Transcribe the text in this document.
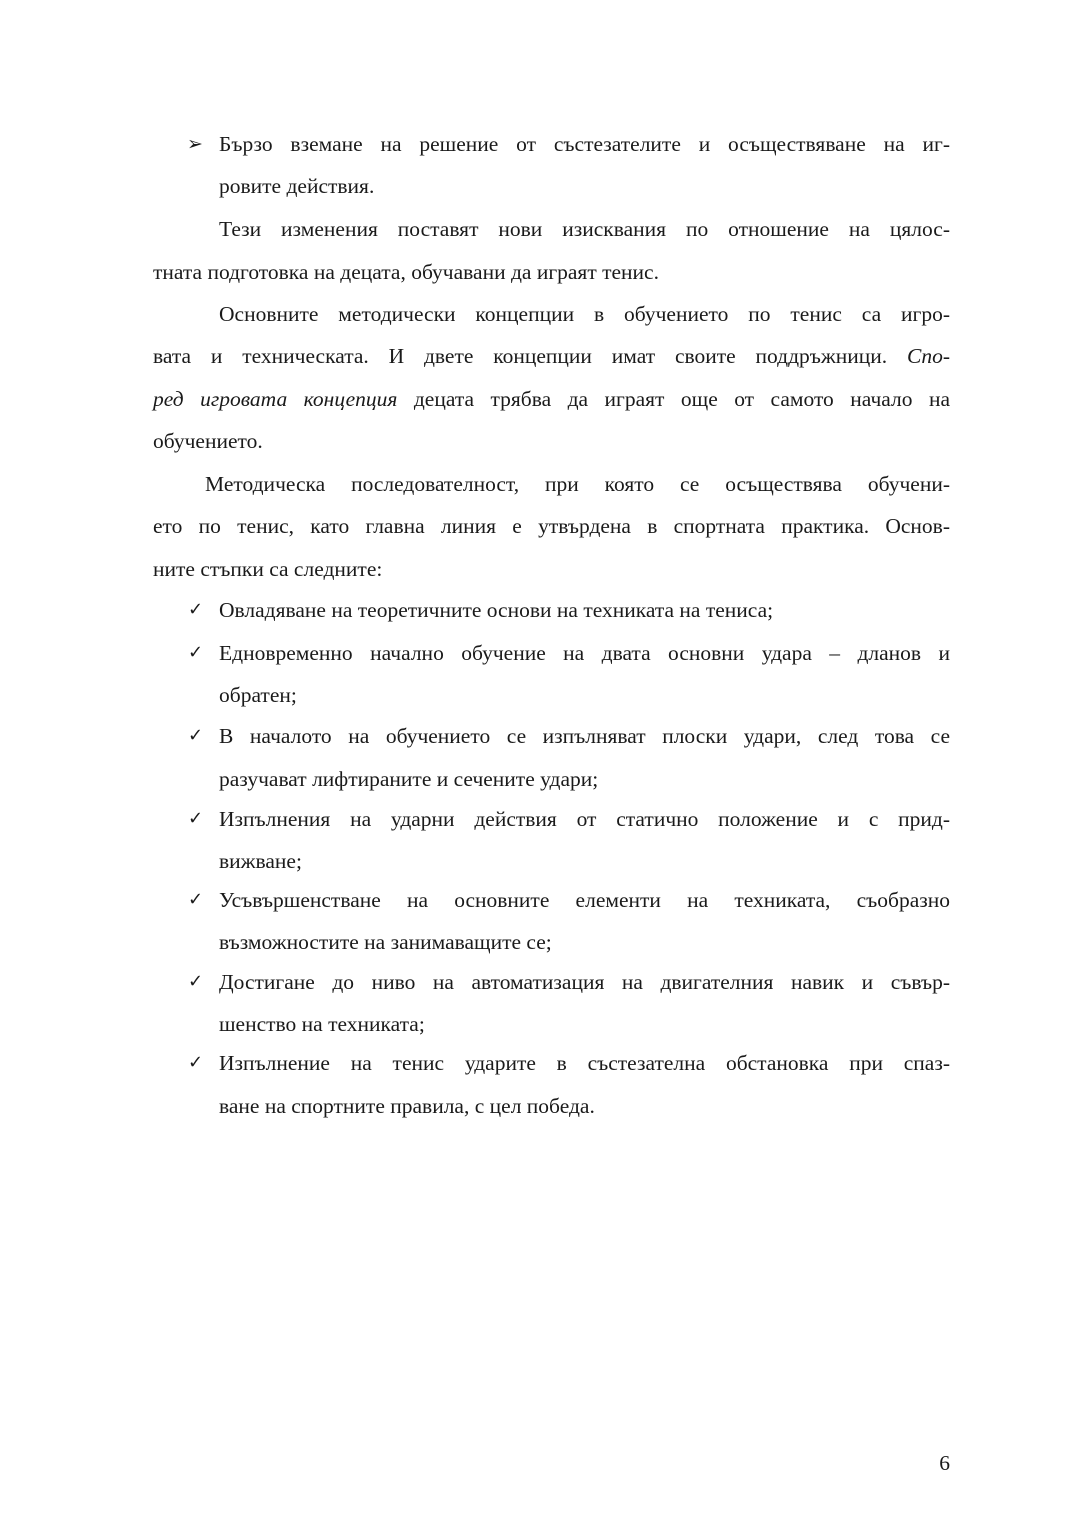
➢ Бързо вземане на решение от състезателите и осъществяване на иг-
ровите действия.
Тези изменения поставят нови изисквания по отношение на цялос-
тната подготовка на децата, обучавани да играят тенис.
Основните методически концепции в обучението по тенис са игро-
вата и техническата. И двете концепции имат своите поддръжници. Спо-
ред игровата концепция децата трябва да играят още от самото начало на
обучението.
Методическа последователност, при която се осъществява обучени-
ето по тенис, като главна линия е утвърдена в спортната практика. Основ-
ните стъпки са следните:
✓ Овладяване на теоретичните основи на техниката на тениса;
✓ Едновременно начално обучение на двата основни удара – дланов и
обратен;
✓ В началото на обучението се изпълняват плоски удари, след това се
разучават лифтираните и сечените удари;
✓ Изпълнения на ударни действия от статично положение и с прид-
вижване;
✓ Усъвършенстване на основните елементи на техниката, съобразно
възможностите на занимаващите се;
✓ Достигане до ниво на автоматизация на двигателния навик и съвър-
шенство на техниката;
✓ Изпълнение на тенис ударите в състезателна обстановка при спаз-
ване на спортните правила, с цел победа.
6
